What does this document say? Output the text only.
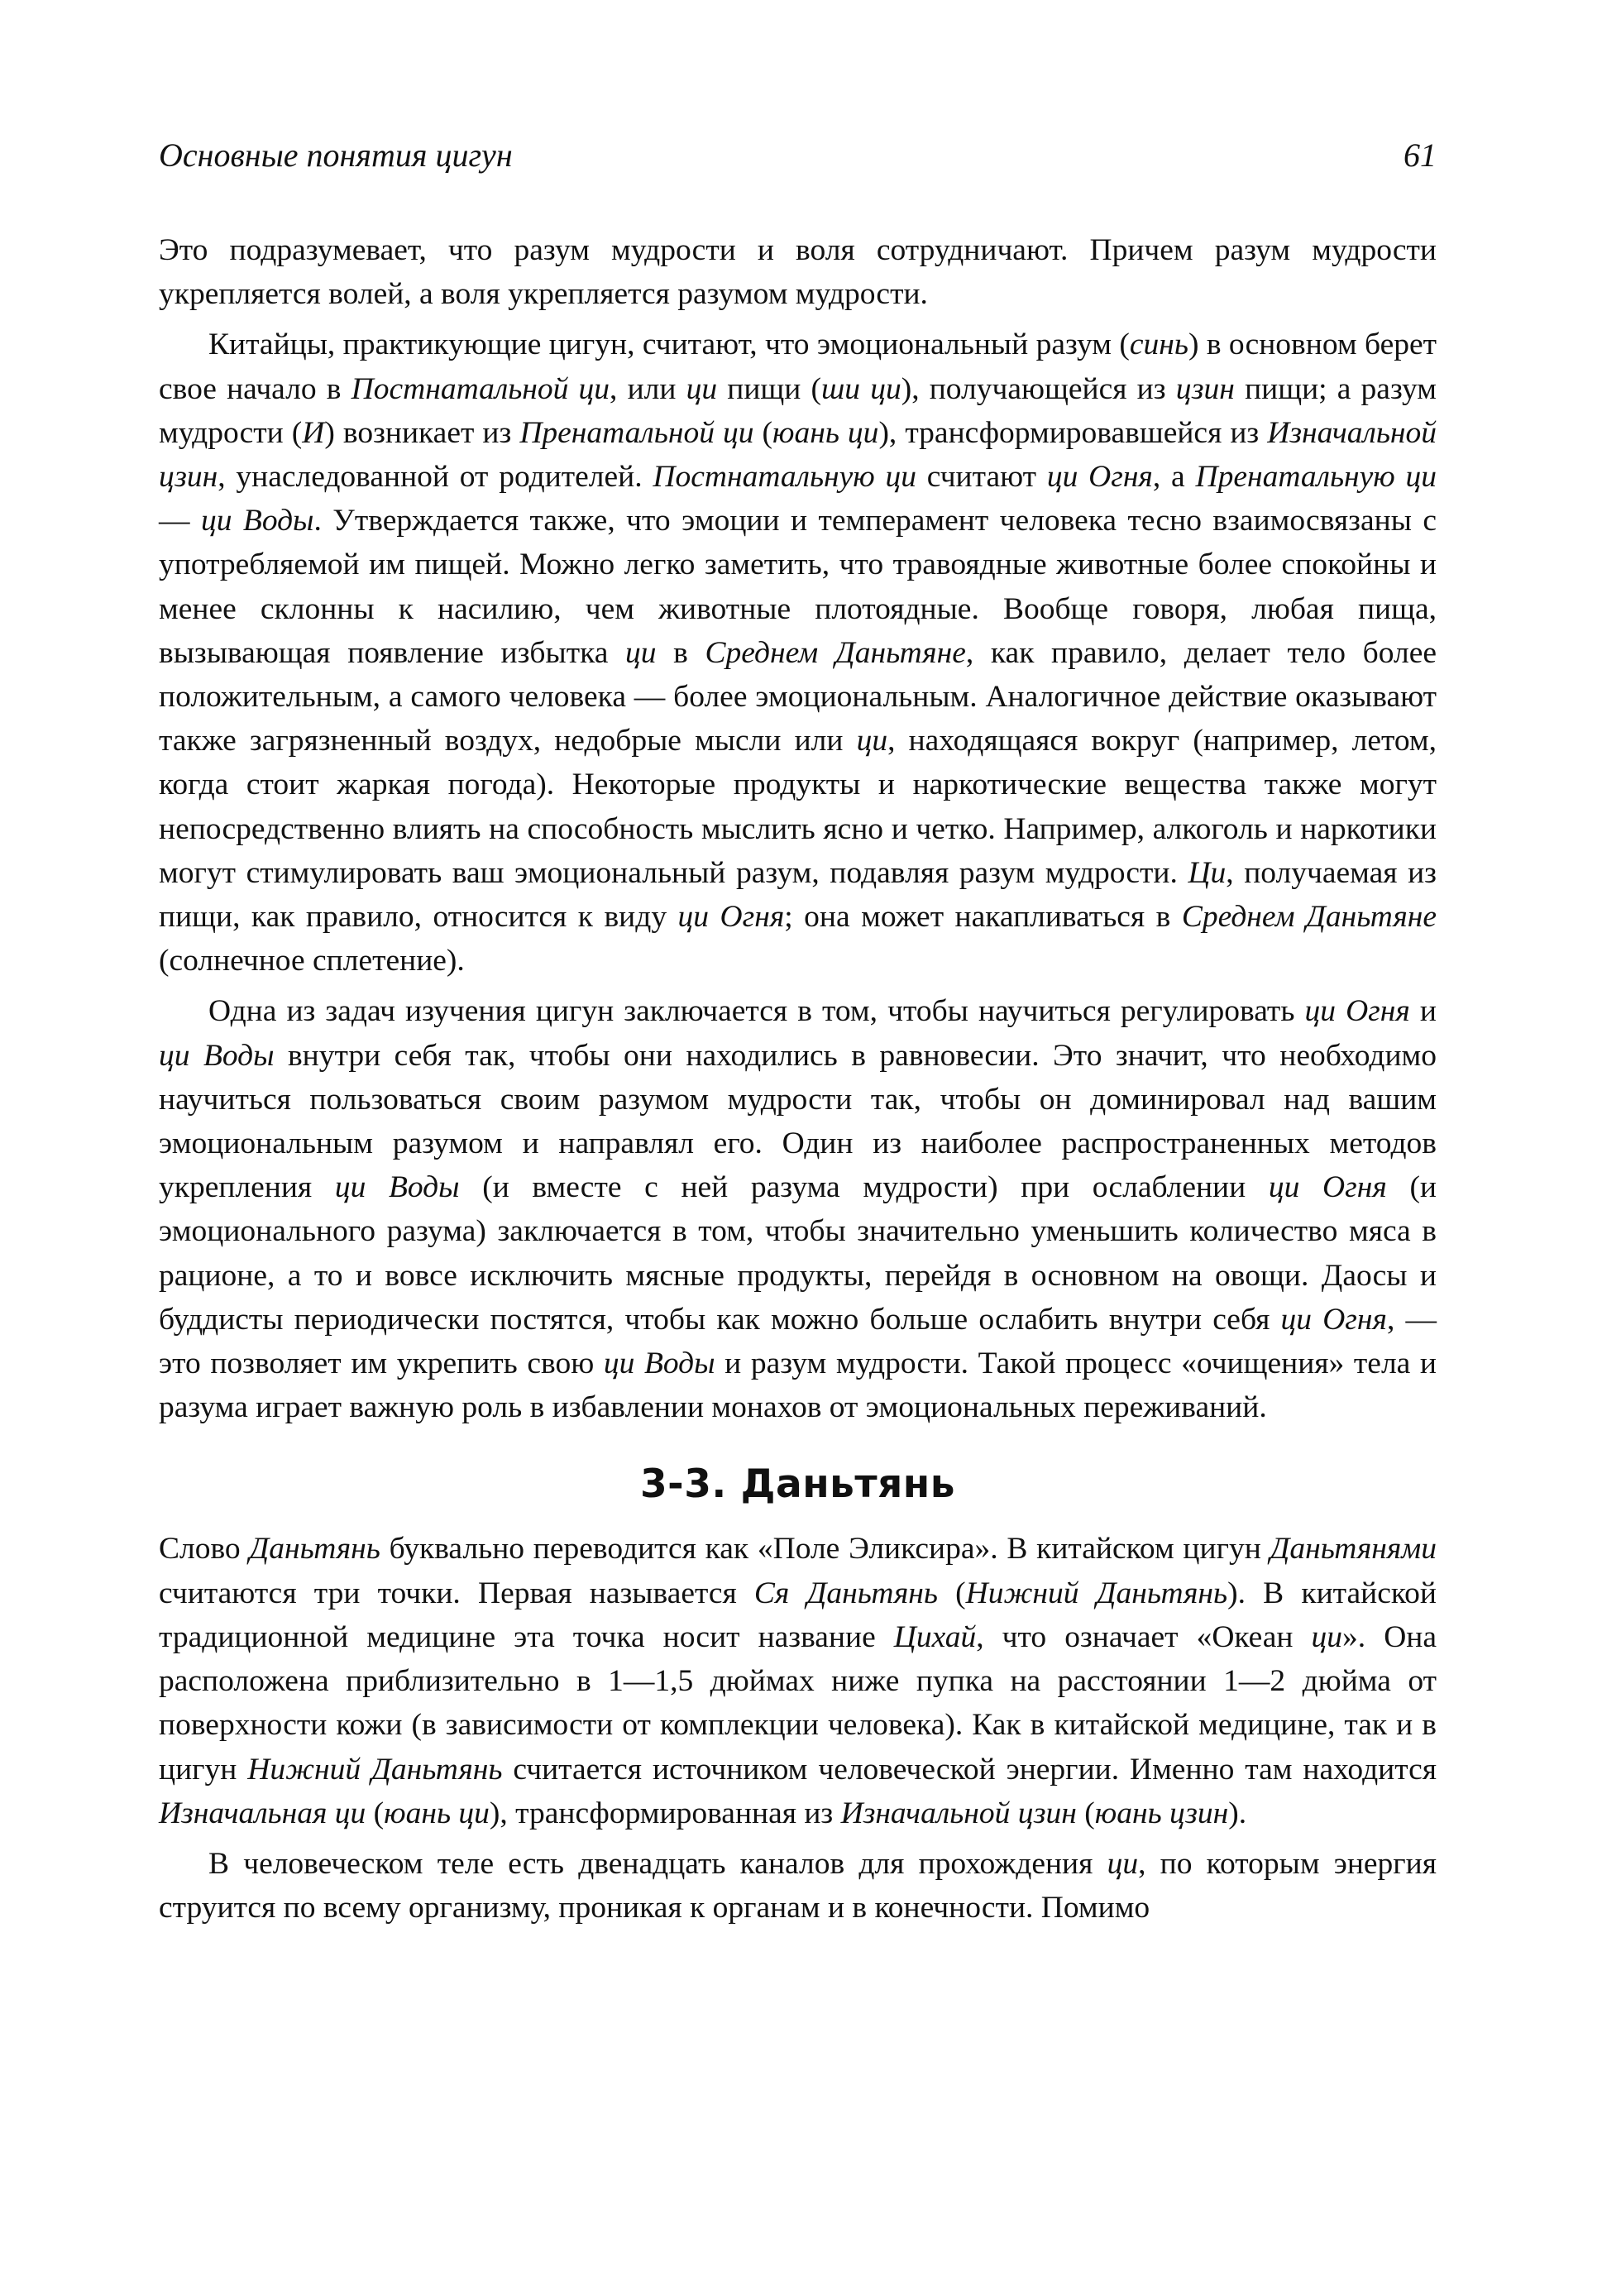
Основные понятия цигун	61

Это подразумевает, что разум мудрости и воля сотрудничают. Причем разум мудрости укрепляется волей, а воля укрепляется разумом мудрости.

Китайцы, практикующие цигун, считают, что эмоциональный разум (синь) в основном берет свое начало в Постнатальной ци, или ци пищи (ши ци), получающейся из цзин пищи; а разум мудрости (И) возникает из Пренатальной ци (юань ци), трансформировавшейся из Изначальной цзин, унаследованной от родителей. Постнатальную ци считают ци Огня, а Пренатальную ци — ци Воды. Утверждается также, что эмоции и темперамент человека тесно взаимосвязаны с употребляемой им пищей. Можно легко заметить, что травоядные животные более спокойны и менее склонны к насилию, чем животные плотоядные. Вообще говоря, любая пища, вызывающая появление избытка ци в Среднем Даньтяне, как правило, делает тело более положительным, а самого человека — более эмоциональным. Аналогичное действие оказывают также загрязненный воздух, недобрые мысли или ци, находящаяся вокруг (например, летом, когда стоит жаркая погода). Некоторые продукты и наркотические вещества также могут непосредственно влиять на способность мыслить ясно и четко. Например, алкоголь и наркотики могут стимулировать ваш эмоциональный разум, подавляя разум мудрости. Ци, получаемая из пищи, как правило, относится к виду ци Огня; она может накапливаться в Среднем Даньтяне (солнечное сплетение).

Одна из задач изучения цигун заключается в том, чтобы научиться регулировать ци Огня и ци Воды внутри себя так, чтобы они находились в равновесии. Это значит, что необходимо научиться пользоваться своим разумом мудрости так, чтобы он доминировал над вашим эмоциональным разумом и направлял его. Один из наиболее распространенных методов укрепления ци Воды (и вместе с ней разума мудрости) при ослаблении ци Огня (и эмоционального разума) заключается в том, чтобы значительно уменьшить количество мяса в рационе, а то и вовсе исключить мясные продукты, перейдя в основном на овощи. Даосы и буддисты периодически постятся, чтобы как можно больше ослабить внутри себя ци Огня, — это позволяет им укрепить свою ци Воды и разум мудрости. Такой процесс «очищения» тела и разума играет важную роль в избавлении монахов от эмоциональных переживаний.

3-3. Даньтянь

Слово Даньтянь буквально переводится как «Поле Эликсира». В китайском цигун Даньтянями считаются три точки. Первая называется Ся Даньтянь (Нижний Даньтянь). В китайской традиционной медицине эта точка носит название Цихай, что означает «Океан ци». Она расположена приблизительно в 1—1,5 дюймах ниже пупка на расстоянии 1—2 дюйма от поверхности кожи (в зависимости от комплекции человека). Как в китайской медицине, так и в цигун Нижний Даньтянь считается источником человеческой энергии. Именно там находится Изначальная ци (юань ци), трансформированная из Изначальной цзин (юань цзин).

В человеческом теле есть двенадцать каналов для прохождения ци, по которым энергия струится по всему организму, проникая к органам и в конечности. Помимо
